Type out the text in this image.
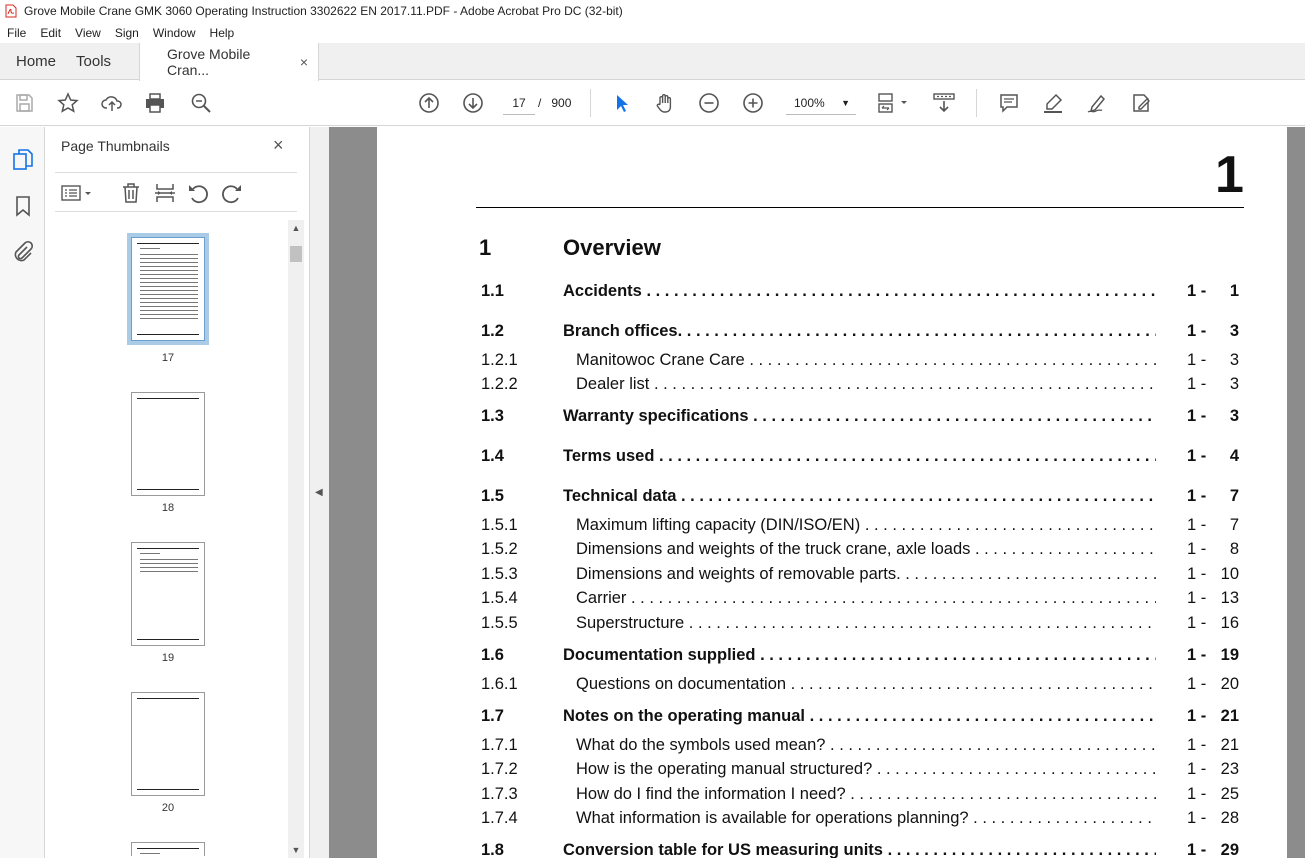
Grove Mobile Crane GMK 3060 Operating Instruction 3302622 EN 2017.11.PDF - Adobe Acrobat Pro DC (32-bit)
File	Edit	View	Sign	Window	Help
Home Tools	Grove Mobile Cran...	×
17	/ 900	100% ▼
Page Thumbnails	×
17
18
19
20
▲
▼
◀
1
1	Overview
1.1	Accidents . . .	1 - 1
1.2	Branch offices. . . .	1 - 3
1.2.1	Manitowoc Crane Care . . .	1 - 3
1.2.2	Dealer list . . .	1 - 3
1.3	Warranty specifications . . .	1 - 3
1.4	Terms used . . .	1 - 4
1.5	Technical data . . .	1 - 7
1.5.1	Maximum lifting capacity (DIN/ISO/EN) . . .	1 - 7
1.5.2	Dimensions and weights of the truck crane, axle loads . . .	1 - 8
1.5.3	Dimensions and weights of removable parts. . . .	1 - 10
1.5.4	Carrier . . .	1 - 13
1.5.5	Superstructure . . .	1 - 16
1.6	Documentation supplied . . .	1 - 19
1.6.1	Questions on documentation . . .	1 - 20
1.7	Notes on the operating manual . . .	1 - 21
1.7.1	What do the symbols used mean? . . .	1 - 21
1.7.2	How is the operating manual structured? . . .	1 - 23
1.7.3	How do I find the information I need? . . .	1 - 25
1.7.4	What information is available for operations planning? . . .	1 - 28
1.8	Conversion table for US measuring units . . .	1 - 29
